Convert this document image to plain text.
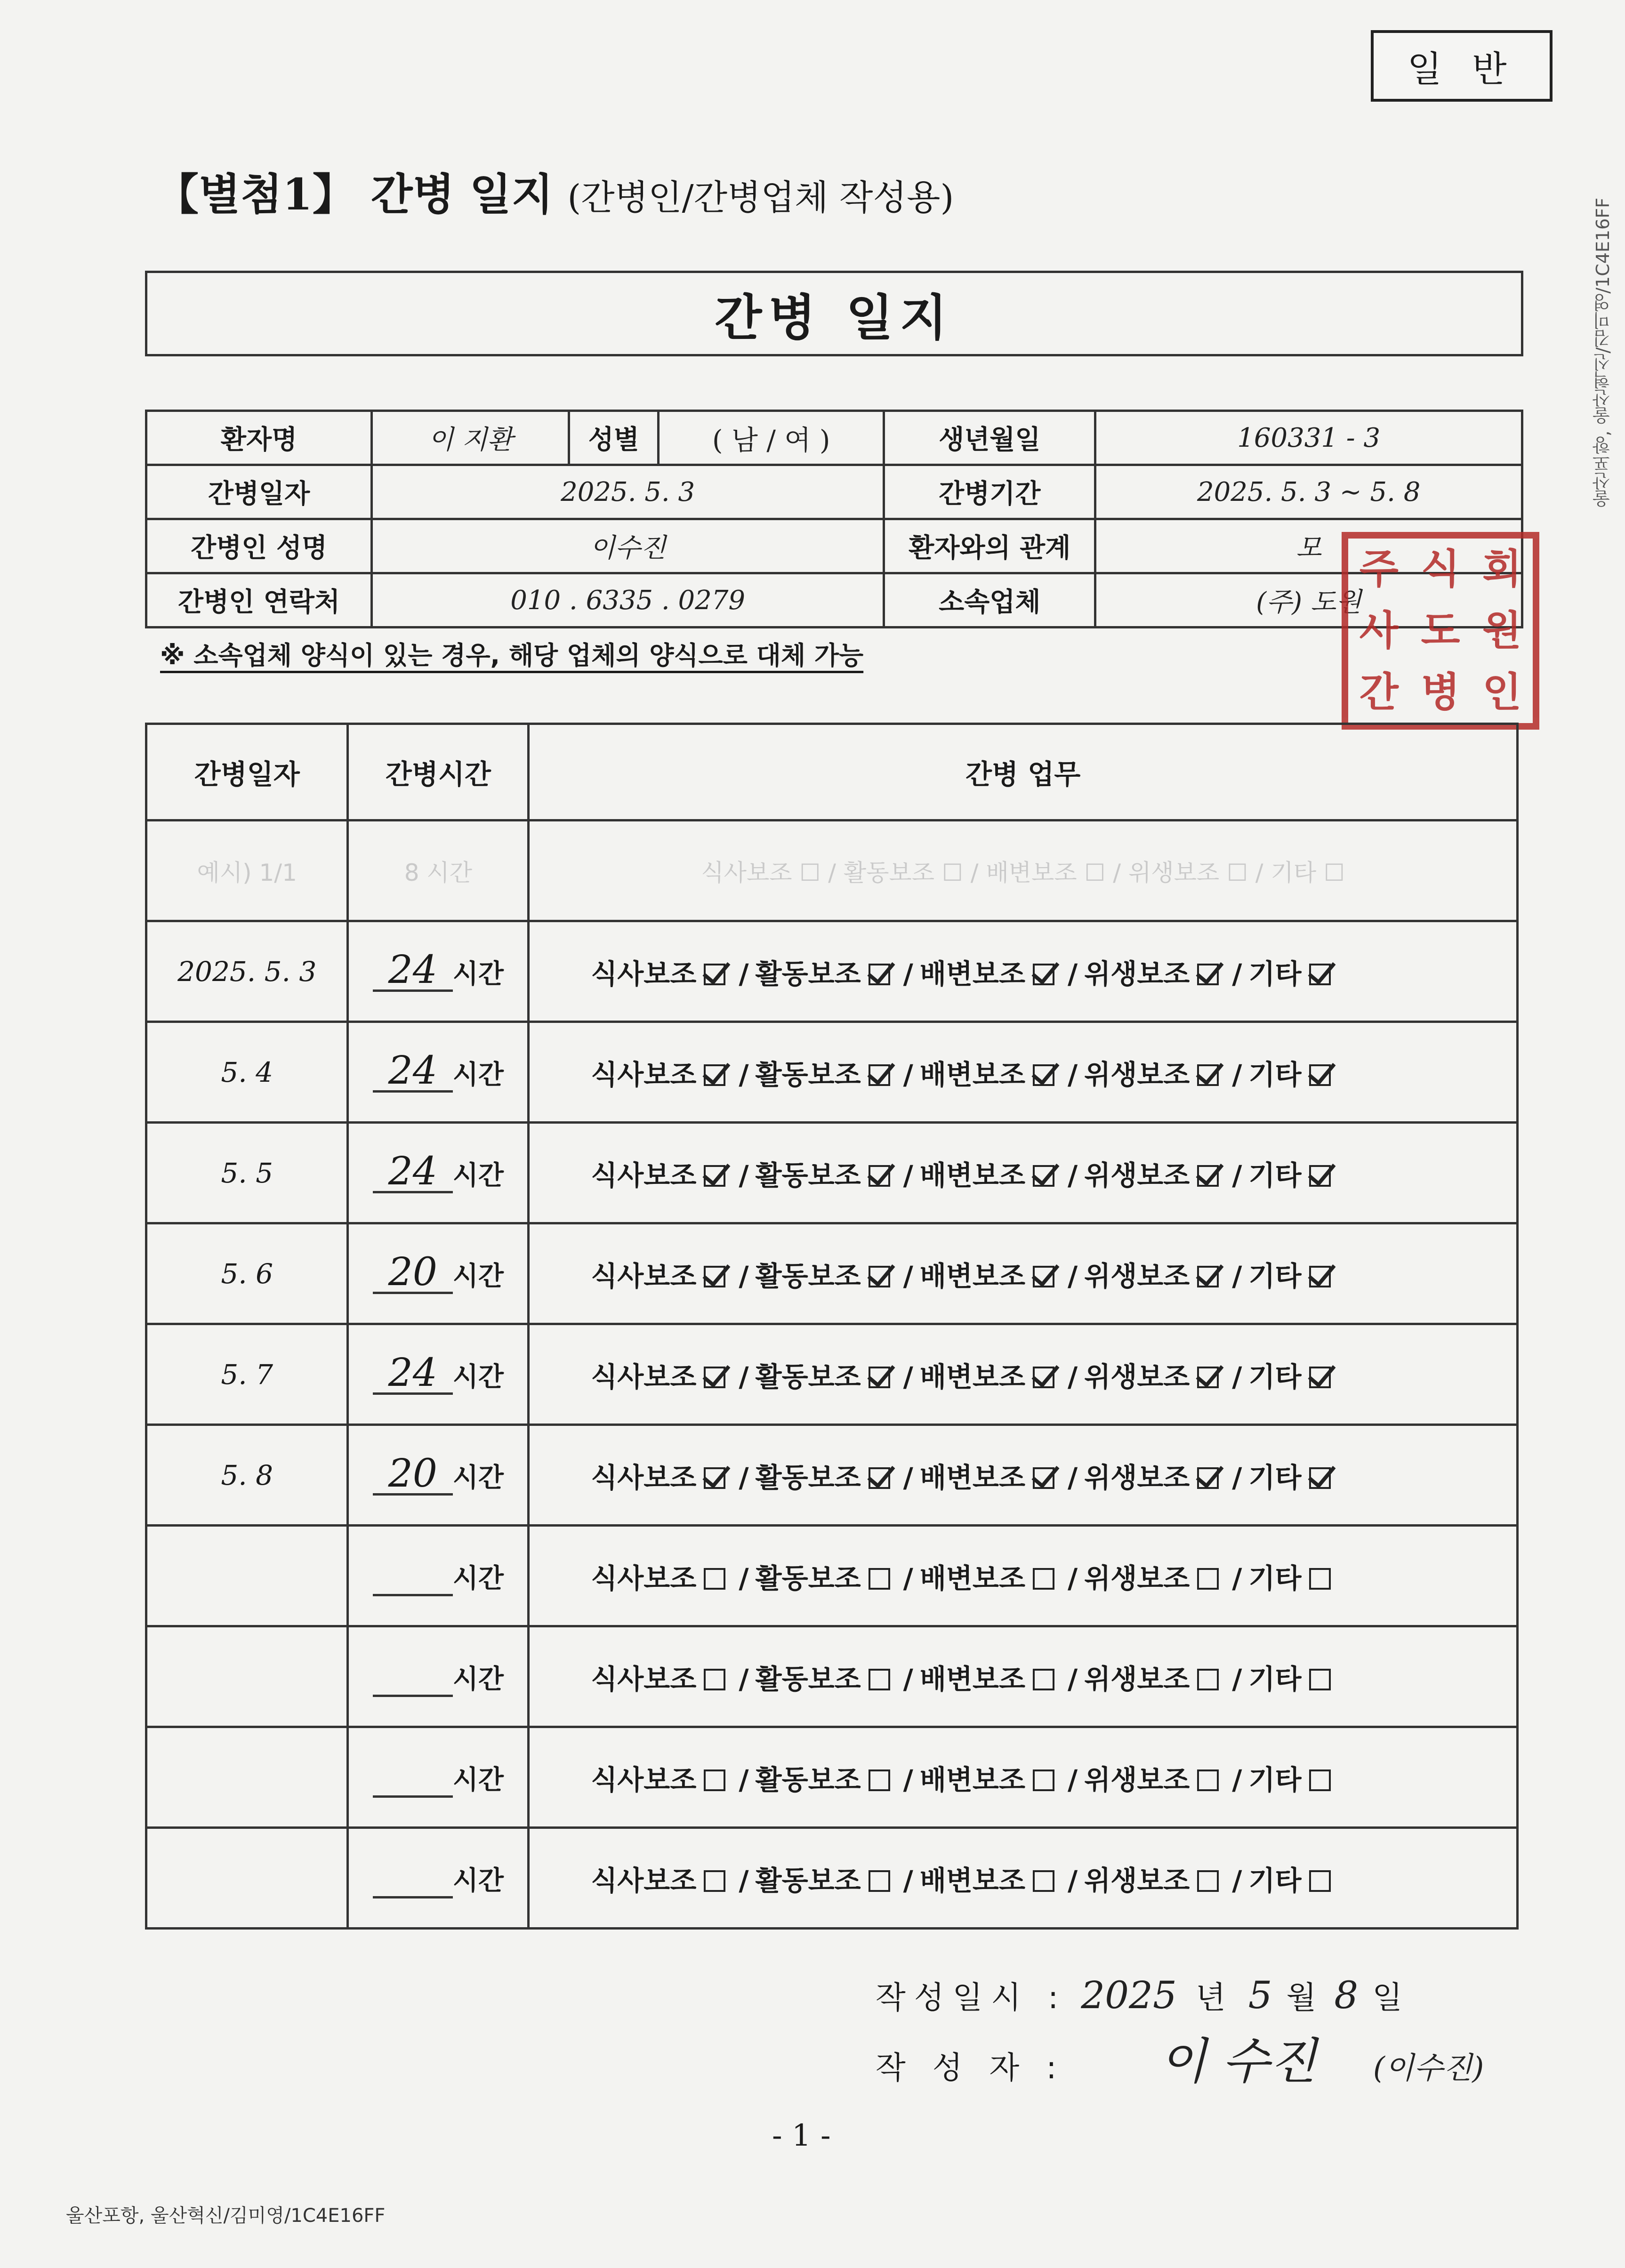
일 반
【별첨1】 간병 일지 (간병인/간병업체 작성용)
간병 일지
환자명	이 지환	성별	( 남 / 여 )	생년월일	160331 - 3
간병일자	2025. 5. 3			간병기간	2025. 5. 3 ~ 5. 8
간병인 성명	이수진			환자와의 관계	모
간병인 연락처	010 . 6335 . 0279			소속업체	(주) 도원
※ 소속업체 양식이 있는 경우, 해당 업체의 양식으로 대체 가능
주 식 회
사 도 원
간 병 인
간병일자	간병시간	간병 업무
예시) 1/1	8 시간	식사보조 ☐ / 활동보조 ☐ / 배변보조 ☐ / 위생보조 ☐ / 기타 ☐
2025. 5. 3	24 시간	식사보조 / 활동보조 / 배변보조 / 위생보조 / 기타
5. 4	24 시간	식사보조 / 활동보조 / 배변보조 / 위생보조 / 기타
5. 5	24 시간	식사보조 / 활동보조 / 배변보조 / 위생보조 / 기타
5. 6	20 시간	식사보조 / 활동보조 / 배변보조 / 위생보조 / 기타
5. 7	24 시간	식사보조 / 활동보조 / 배변보조 / 위생보조 / 기타
5. 8	20 시간	식사보조 / 활동보조 / 배변보조 / 위생보조 / 기타
	시간	식사보조 / 활동보조 / 배변보조 / 위생보조 / 기타
	시간	식사보조 / 활동보조 / 배변보조 / 위생보조 / 기타
	시간	식사보조 / 활동보조 / 배변보조 / 위생보조 / 기타
	시간	식사보조 / 활동보조 / 배변보조 / 위생보조 / 기타
작성일시 : 2025 년 5 월 8 일
작 성 자 : 이 수진 (이수진)
- 1 -
울산포항, 울산혁신/김미영/1C4E16FF
울산포항, 울산혁신/김미영/1C4E16FF
